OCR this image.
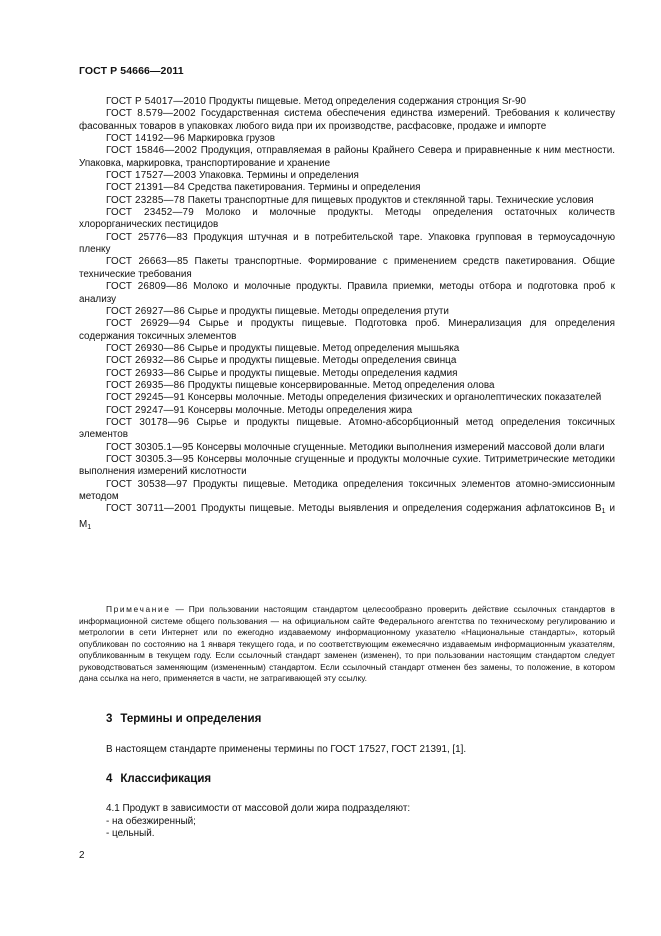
ГОСТ Р 54666—2011

ГОСТ Р 54017—2010 Продукты пищевые. Метод определения содержания стронция Sr-90

ГОСТ 8.579—2002 Государственная система обеспечения единства измерений. Требования к количеству фасованных товаров в упаковках любого вида при их производстве, расфасовке, продаже и импорте

ГОСТ 14192—96 Маркировка грузов

ГОСТ 15846—2002 Продукция, отправляемая в районы Крайнего Севера и приравненные к ним местности. Упаковка, маркировка, транспортирование и хранение

ГОСТ 17527—2003 Упаковка. Термины и определения

ГОСТ 21391—84 Средства пакетирования. Термины и определения

ГОСТ 23285—78 Пакеты транспортные для пищевых продуктов и стеклянной тары. Технические условия

ГОСТ 23452—79 Молоко и молочные продукты. Методы определения остаточных количеств хлорорганических пестицидов

ГОСТ 25776—83 Продукция штучная и в потребительской таре. Упаковка групповая в термоусадочную пленку

ГОСТ 26663—85 Пакеты транспортные. Формирование с применением средств пакетирования. Общие технические требования

ГОСТ 26809—86 Молоко и молочные продукты. Правила приемки, методы отбора и подготовка проб к анализу

ГОСТ 26927—86 Сырье и продукты пищевые. Методы определения ртути

ГОСТ 26929—94 Сырье и продукты пищевые. Подготовка проб. Минерализация для определения содержания токсичных элементов

ГОСТ 26930—86 Сырье и продукты пищевые. Метод определения мышьяка

ГОСТ 26932—86 Сырье и продукты пищевые. Методы определения свинца

ГОСТ 26933—86 Сырье и продукты пищевые. Методы определения кадмия

ГОСТ 26935—86 Продукты пищевые консервированные. Метод определения олова

ГОСТ 29245—91 Консервы молочные. Методы определения физических и органолептических показателей

ГОСТ 29247—91 Консервы молочные. Методы определения жира

ГОСТ 30178—96 Сырье и продукты пищевые. Атомно-абсорбционный метод определения токсичных элементов

ГОСТ 30305.1—95 Консервы молочные сгущенные. Методики выполнения измерений массовой доли влаги

ГОСТ 30305.3—95 Консервы молочные сгущенные и продукты молочные сухие. Титриметрические методики выполнения измерений кислотности

ГОСТ 30538—97 Продукты пищевые. Методика определения токсичных элементов атомно-эмиссионным методом

ГОСТ 30711—2001 Продукты пищевые. Методы выявления и определения содержания афлатоксинов $B_1$ и $M_1$

Примечание — При пользовании настоящим стандартом целесообразно проверить действие ссылочных стандартов в информационной системе общего пользования — на официальном сайте Федерального агентства по техническому регулированию и метрологии в сети Интернет или по ежегодно издаваемому информационному указателю «Национальные стандарты», который опубликован по состоянию на 1 января текущего года, и по соответствующим ежемесячно издаваемым информационным указателям, опубликованным в текущем году. Если ссылочный стандарт заменен (изменен), то при пользовании настоящим стандартом следует руководствоваться заменяющим (измененным) стандартом. Если ссылочный стандарт отменен без замены, то положение, в котором дана ссылка на него, применяется в части, не затрагивающей эту ссылку.

3 Термины и определения

В настоящем стандарте применены термины по ГОСТ 17527, ГОСТ 21391, [1].

4 Классификация
4.1 Продукт в зависимости от массовой доли жира подразделяют:
- на обезжиренный;
- цельный.
2
